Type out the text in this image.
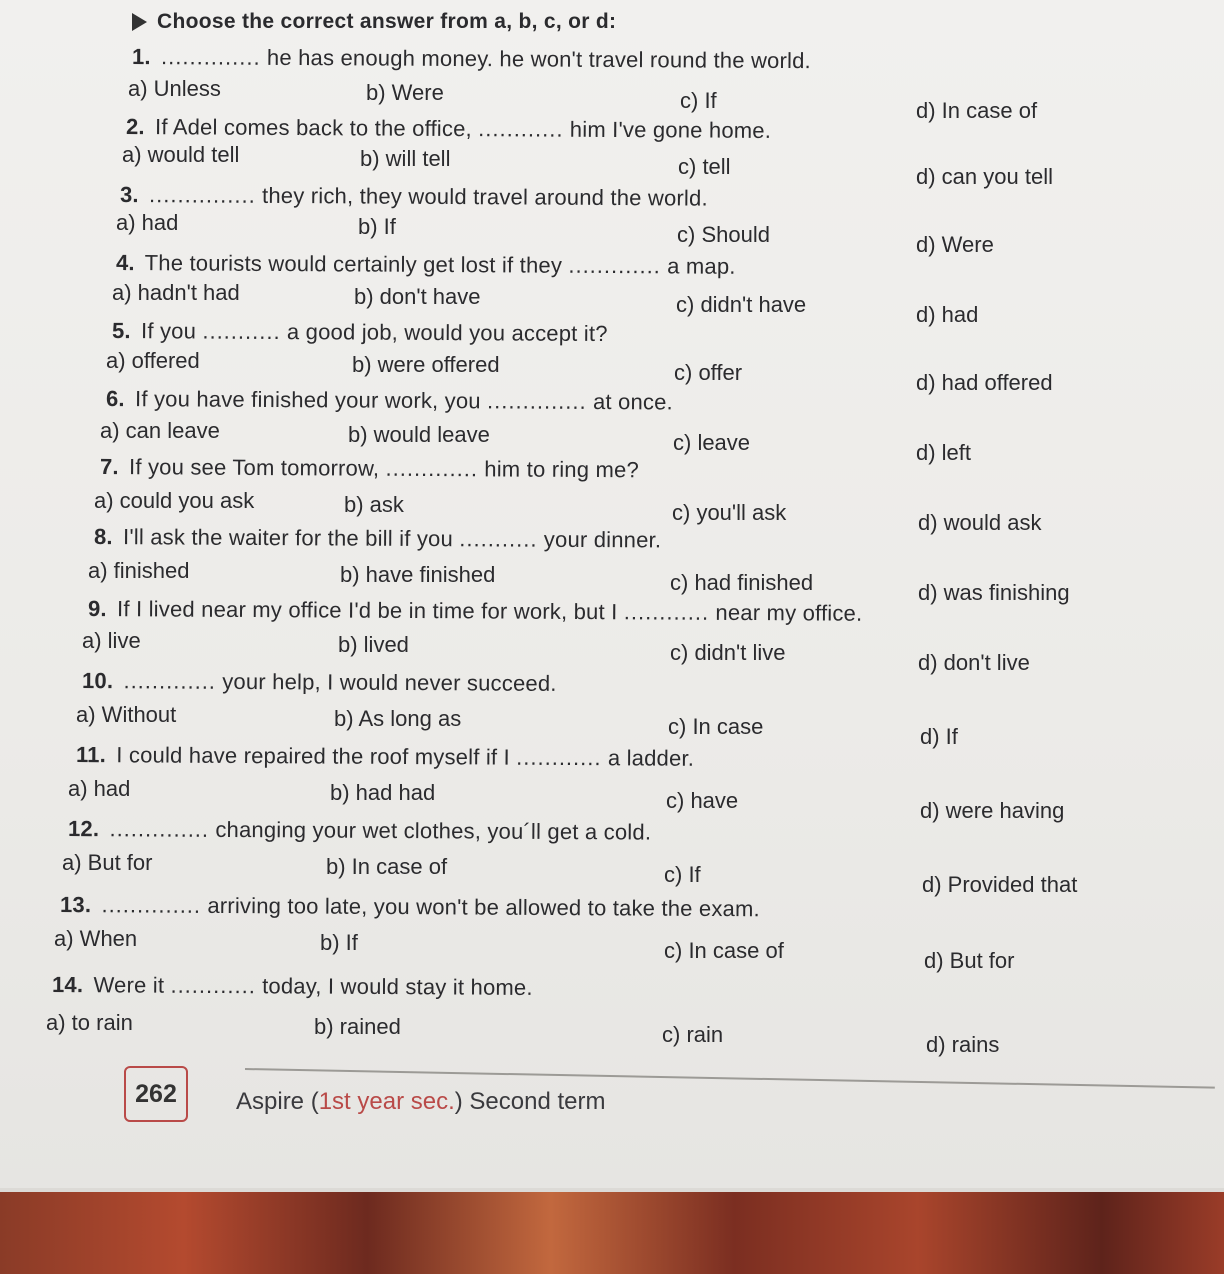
Choose the correct answer from a, b, c, or d:
1. .............. he has enough money. he won't travel round the world.
a) Unless	b) Were	c) If	d) In case of
2. If Adel comes back to the office, ............ him I've gone home.
a) would tell	b) will tell	c) tell	d) can you tell
3. ............... they rich, they would travel around the world.
a) had	b) If	c) Should	d) Were
4. The tourists would certainly get lost if they ............. a map.
a) hadn't had	b) don't have	c) didn't have	d) had
5. If you ........... a good job, would you accept it?
a) offered	b) were offered	c) offer	d) had offered
6. If you have finished your work, you .............. at once.
a) can leave	b) would leave	c) leave	d) left
7. If you see Tom tomorrow, ............. him to ring me?
a) could you ask	b) ask	c) you'll ask	d) would ask
8. I'll ask the waiter for the bill if you ........... your dinner.
a) finished	b) have finished	c) had finished	d) was finishing
9. If I lived near my office I'd be in time for work, but I ............ near my office.
a) live	b) lived	c) didn't live	d) don't live
10. ............. your help, I would never succeed.
a) Without	b) As long as	c) In case	d) If
11. I could have repaired the roof myself if I ............ a ladder.
a) had	b) had had	c) have	d) were having
12. .............. changing your wet clothes, you´ll get a cold.
a) But for	b) In case of	c) If	d) Provided that
13. .............. arriving too late, you won't be allowed to take the exam.
a) When	b) If	c) In case of	d) But for
14. Were it ............ today, I would stay it home.
a) to rain	b) rained	c) rain	d) rains
262 Aspire (1st year sec.) Second term
